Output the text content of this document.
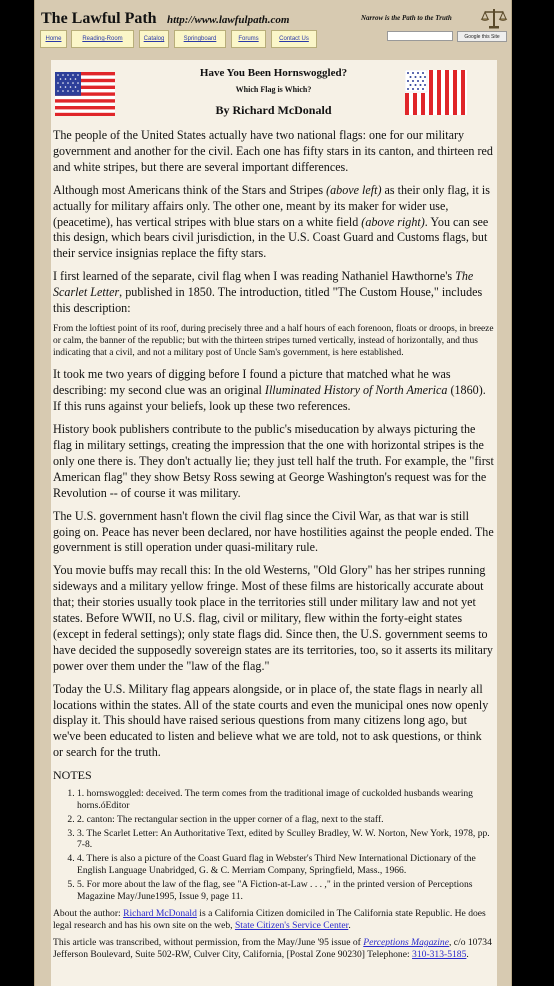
The Lawful Path http://www.lawfulpath.com	Narrow is the Path to the Truth
Home	Reading-Room	Catalog	Springboard	Forums	Contact Us	Google this Site
Have You Been Hornswoggled?
Which Flag is Which?
By Richard McDonald

The people of the United States actually have two national flags: one for our military government and another for the civil. Each one has fifty stars in its canton, and thirteen red and white stripes, but there are several important differences.

Although most Americans think of the Stars and Stripes (above left) as their only flag, it is actually for military affairs only. The other one, meant by its maker for wider use, (peacetime), has vertical stripes with blue stars on a white field (above right). You can see this design, which bears civil jurisdiction, in the U.S. Coast Guard and Customs flags, but their service insignias replace the fifty stars.

I first learned of the separate, civil flag when I was reading Nathaniel Hawthorne's The Scarlet Letter, published in 1850. The introduction, titled "The Custom House," includes this description:

From the loftiest point of its roof, during precisely three and a half hours of each forenoon, floats or droops, in breeze or calm, the banner of the republic; but with the thirteen stripes turned vertically, instead of horizontally, and thus indicating that a civil, and not a military post of Uncle Sam's government, is here established.

It took me two years of digging before I found a picture that matched what he was describing: my second clue was an original Illuminated History of North America (1860). If this runs against your beliefs, look up these two references.

History book publishers contribute to the public's miseducation by always picturing the flag in military settings, creating the impression that the one with horizontal stripes is the only one there is. They don't actually lie; they just tell half the truth. For example, the "first American flag" they show Betsy Ross sewing at George Washington's request was for the Revolution -- of course it was military.

The U.S. government hasn't flown the civil flag since the Civil War, as that war is still going on. Peace has never been declared, nor have hostilities against the people ended. The government is still operation under quasi-military rule.

You movie buffs may recall this: In the old Westerns, "Old Glory" has her stripes running sideways and a military yellow fringe. Most of these films are historically accurate about that; their stories usually took place in the territories still under military law and not yet states. Before WWII, no U.S. flag, civil or military, flew within the forty-eight states (except in federal settings); only state flags did. Since then, the U.S. government seems to have decided the supposedly sovereign states are its territories, too, so it asserts its military power over them under the "law of the flag."

Today the U.S. Military flag appears alongside, or in place of, the state flags in nearly all locations within the states. All of the state courts and even the municipal ones now openly display it. This should have raised serious questions from many citizens long ago, but we've been educated to listen and believe what we are told, not to ask questions, or think or search for the truth.

NOTES
1. 1. hornswoggled: deceived. The term comes from the traditional image of cuckolded husbands wearing horns.óEditor
2. 2. canton: The rectangular section in the upper corner of a flag, next to the staff.
3. 3. The Scarlet Letter: An Authoritative Text, edited by Sculley Bradley, W. W. Norton, New York, 1978, pp. 7-8.
4. 4. There is also a picture of the Coast Guard flag in Webster's Third New International Dictionary of the English Language Unabridged, G. & C. Merriam Company, Springfield, Mass., 1966.
5. 5. For more about the law of the flag, see "A Fiction-at-Law . . . ," in the printed version of Perceptions Magazine May/June1995, Issue 9, page 11.

About the author: Richard McDonald is a California Citizen domiciled in The California state Republic. He does legal research and has his own site on the web, State Citizen's Service Center.

This article was transcribed, without permission, from the May/June '95 issue of Perceptions Magazine, c/o 10734 Jefferson Boulevard, Suite 502-RW, Culver City, California, [Postal Zone 90230] Telephone: 310-313-5185.
